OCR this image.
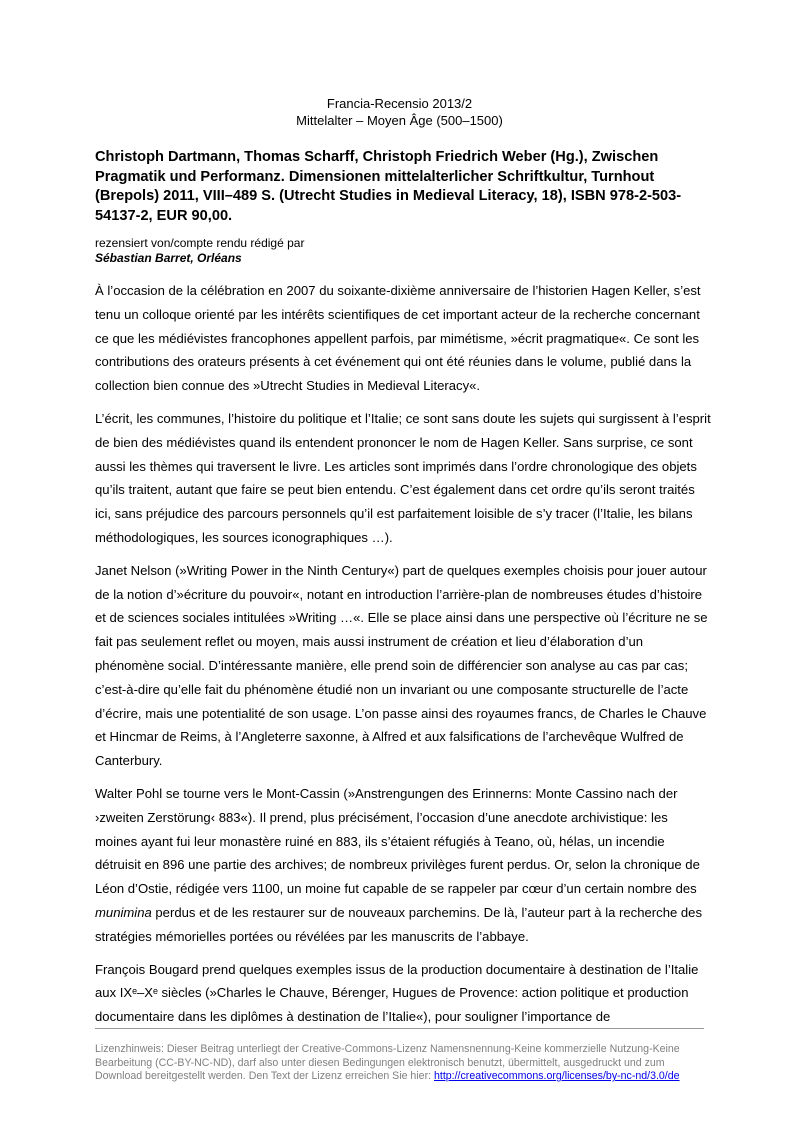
Francia-Recensio 2013/2
Mittelalter – Moyen Âge (500–1500)
Christoph Dartmann, Thomas Scharff, Christoph Friedrich Weber (Hg.), Zwischen Pragmatik und Performanz. Dimensionen mittelalterlicher Schriftkultur, Turnhout (Brepols) 2011, VIII–489 S. (Utrecht Studies in Medieval Literacy, 18), ISBN 978-2-503-54137-2, EUR 90,00.
rezensiert von/compte rendu rédigé par
Sébastian Barret, Orléans

À l’occasion de la célébration en 2007 du soixante-dixième anniversaire de l’historien Hagen Keller, s’est tenu un colloque orienté par les intérêts scientifiques de cet important acteur de la recherche concernant ce que les médiévistes francophones appellent parfois, par mimétisme, »écrit pragmatique«. Ce sont les contributions des orateurs présents à cet événement qui ont été réunies dans le volume, publié dans la collection bien connue des »Utrecht Studies in Medieval Literacy«.

L’écrit, les communes, l’histoire du politique et l’Italie; ce sont sans doute les sujets qui surgissent à l’esprit de bien des médiévistes quand ils entendent prononcer le nom de Hagen Keller. Sans surprise, ce sont aussi les thèmes qui traversent le livre. Les articles sont imprimés dans l’ordre chronologique des objets qu’ils traitent, autant que faire se peut bien entendu. C’est également dans cet ordre qu’ils seront traités ici, sans préjudice des parcours personnels qu’il est parfaitement loisible de s’y tracer (l’Italie, les bilans méthodologiques, les sources iconographiques …).

Janet Nelson (»Writing Power in the Ninth Century«) part de quelques exemples choisis pour jouer autour de la notion d’»écriture du pouvoir«, notant en introduction l’arrière-plan de nombreuses études d’histoire et de sciences sociales intitulées »Writing …«. Elle se place ainsi dans une perspective où l’écriture ne se fait pas seulement reflet ou moyen, mais aussi instrument de création et lieu d’élaboration d’un phénomène social. D’intéressante manière, elle prend soin de différencier son analyse au cas par cas; c’est-à-dire qu’elle fait du phénomène étudié non un invariant ou une composante structurelle de l’acte d’écrire, mais une potentialité de son usage. L’on passe ainsi des royaumes francs, de Charles le Chauve et Hincmar de Reims, à l’Angleterre saxonne, à Alfred et aux falsifications de l’archevêque Wulfred de Canterbury.

Walter Pohl se tourne vers le Mont-Cassin (»Anstrengungen des Erinnerns: Monte Cassino nach der ›zweiten Zerstörung‹ 883«). Il prend, plus précisément, l’occasion d’une anecdote archivistique: les moines ayant fui leur monastère ruiné en 883, ils s’étaient réfugiés à Teano, où, hélas, un incendie détruisit en 896 une partie des archives; de nombreux privilèges furent perdus. Or, selon la chronique de Léon d’Ostie, rédigée vers 1100, un moine fut capable de se rappeler par cœur d’un certain nombre des munimina perdus et de les restaurer sur de nouveaux parchemins. De là, l’auteur part à la recherche des stratégies mémorielles portées ou révélées par les manuscrits de l’abbaye.

François Bougard prend quelques exemples issus de la production documentaire à destination de l’Italie aux IXᵉ–Xᵉ siècles (»Charles le Chauve, Bérenger, Hugues de Provence: action politique et production documentaire dans les diplômes à destination de l’Italie«), pour souligner l’importance de

Lizenzhinweis: Dieser Beitrag unterliegt der Creative-Commons-Lizenz Namensnennung-Keine kommerzielle Nutzung-Keine Bearbeitung (CC-BY-NC-ND), darf also unter diesen Bedingungen elektronisch benutzt, übermittelt, ausgedruckt und zum Download bereitgestellt werden. Den Text der Lizenz erreichen Sie hier: http://creativecommons.org/licenses/by-nc-nd/3.0/de
